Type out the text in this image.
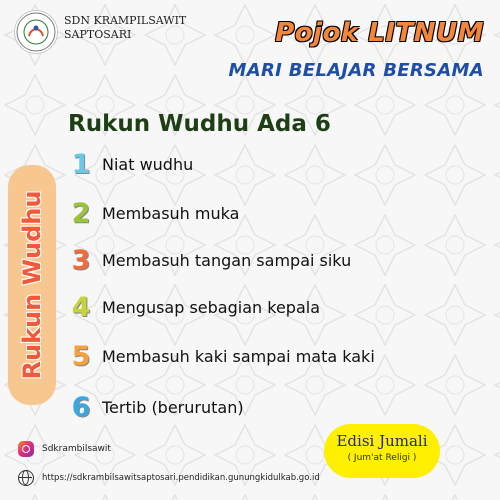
SDN KRAMPILSAWIT
SAPTOSARI	Pojok LITNUM
MARI BELAJAR BERSAMA
Rukun Wudhu
Rukun Wudhu Ada 6
1 Niat wudhu
2 Membasuh muka
3 Membasuh tangan sampai siku
4 Mengusap sebagian kepala
5 Membasuh kaki sampai mata kaki
6 Tertib (berurutan)
Edisi Jumali
( Jum'at Religi )
Sdkrambilsawit
https://sdkrambilsawitsaptosari.pendidikan.gunungkidulkab.go.id
